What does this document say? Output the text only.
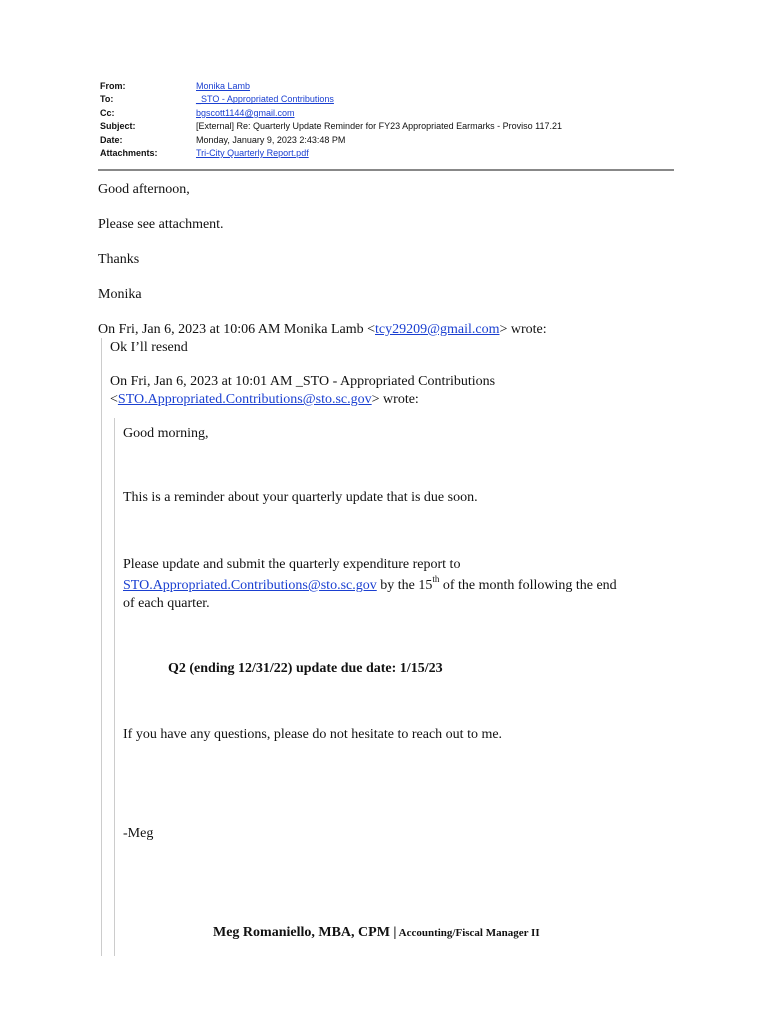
From:	Monika Lamb
To:	_STO - Appropriated Contributions
Cc:	bgscott1144@gmail.com
Subject:	[External] Re: Quarterly Update Reminder for FY23 Appropriated Earmarks - Proviso 117.21
Date:	Monday, January 9, 2023 2:43:48 PM
Attachments:	Tri-City Quarterly Report.pdf
Good afternoon,
Please see attachment.
Thanks
Monika
On Fri, Jan 6, 2023 at 10:06 AM Monika Lamb <tcy29209@gmail.com> wrote:
Ok I’ll resend
On Fri, Jan 6, 2023 at 10:01 AM _STO - Appropriated Contributions
<STO.Appropriated.Contributions@sto.sc.gov> wrote:
Good morning,
This is a reminder about your quarterly update that is due soon.
Please update and submit the quarterly expenditure report to
STO.Appropriated.Contributions@sto.sc.gov by the 15th of the month following the end
of each quarter.
Q2 (ending 12/31/22) update due date: 1/15/23
If you have any questions, please do not hesitate to reach out to me.
-Meg
Meg Romaniello, MBA, CPM | Accounting/Fiscal Manager II
